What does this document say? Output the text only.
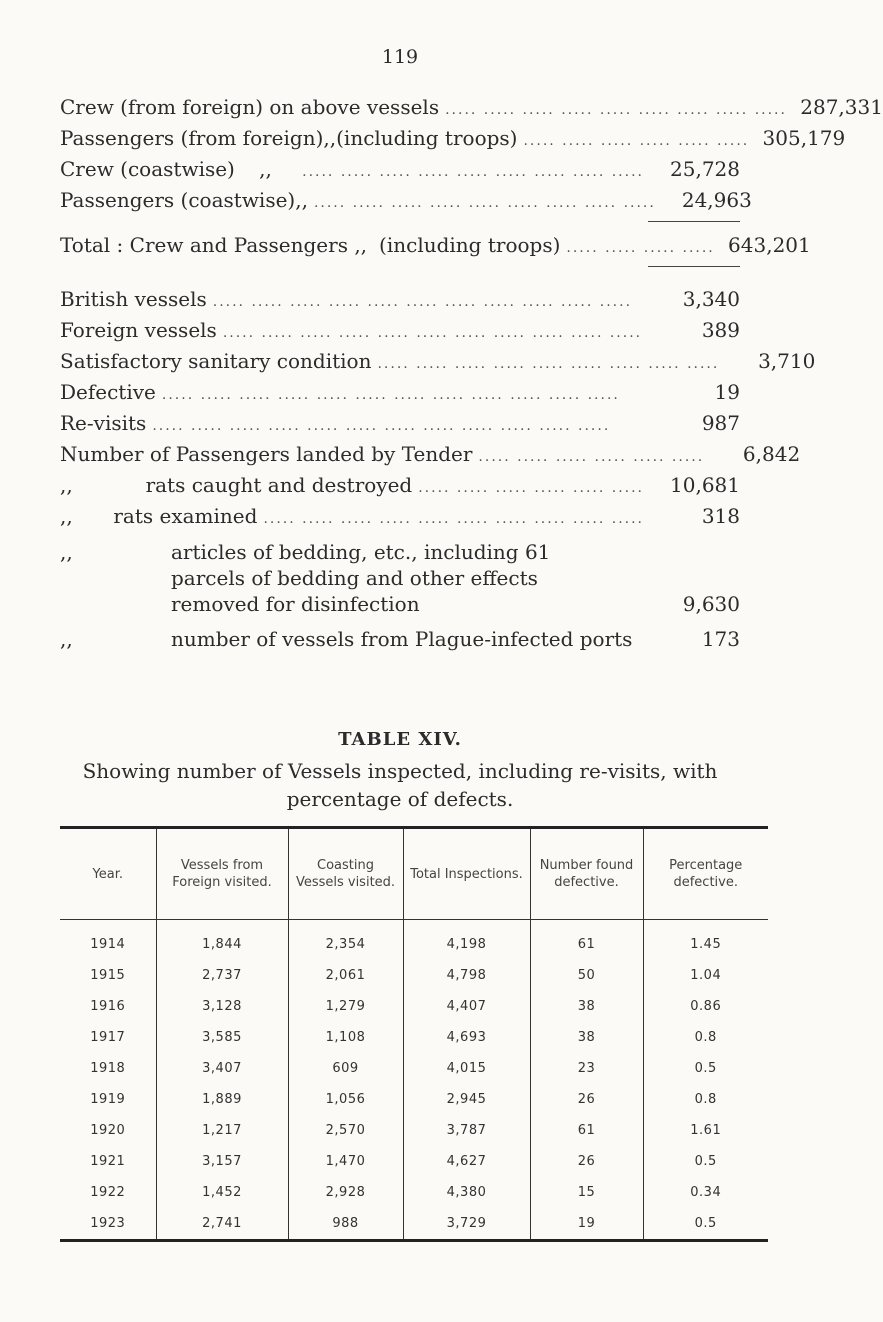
119
Crew (from foreign) on above vessels ..... ..... ..... ..... ..... ..... ..... ..... ..... 287,331
Passengers (from foreign) ,, (including troops) ..... ..... ..... ..... ..... ..... 305,179
Crew (coastwise)	,,	..... ..... ..... ..... ..... ..... ..... ..... .....	25,728
Passengers (coastwise) ,, ..... ..... ..... ..... ..... ..... ..... ..... .....	24,963
Total : Crew and Passengers ,, (including troops) ..... ..... ..... ..... 643,201
British vessels ..... ..... ..... ..... ..... ..... ..... ..... ..... ..... .....	3,340
Foreign vessels ..... ..... ..... ..... ..... ..... ..... ..... ..... ..... .....	389
Satisfactory sanitary condition ..... ..... ..... ..... ..... ..... ..... ..... .....	3,710
Defective ..... ..... ..... ..... ..... ..... ..... ..... ..... ..... ..... .....	19
Re-visits ..... ..... ..... ..... ..... ..... ..... ..... ..... ..... ..... .....	987
Number of Passengers landed by Tender ..... ..... ..... ..... ..... .....	6,842
,,	rats caught and destroyed ..... ..... ..... ..... ..... .....	10,681
,,	rats examined ..... ..... ..... ..... ..... ..... ..... ..... ..... .....	318
,,	articles of bedding, etc., including 61 parcels of bedding and other effects removed for disinfection	9,630
,,	number of vessels from Plague-infected ports	173
TABLE XIV.
Showing number of Vessels inspected, including re-visits, with percentage of defects.
Year.	Vessels from Foreign visited.	Coasting Vessels visited.	Total Inspections.	Number found defective.	Percentage defective.
1914	1,844	2,354	4,198	61	1.45
1915	2,737	2,061	4,798	50	1.04
1916	3,128	1,279	4,407	38	0.86
1917	3,585	1,108	4,693	38	0.8
1918	3,407	609	4,015	23	0.5
1919	1,889	1,056	2,945	26	0.8
1920	1,217	2,570	3,787	61	1.61
1921	3,157	1,470	4,627	26	0.5
1922	1,452	2,928	4,380	15	0.34
1923	2,741	988	3,729	19	0.5
